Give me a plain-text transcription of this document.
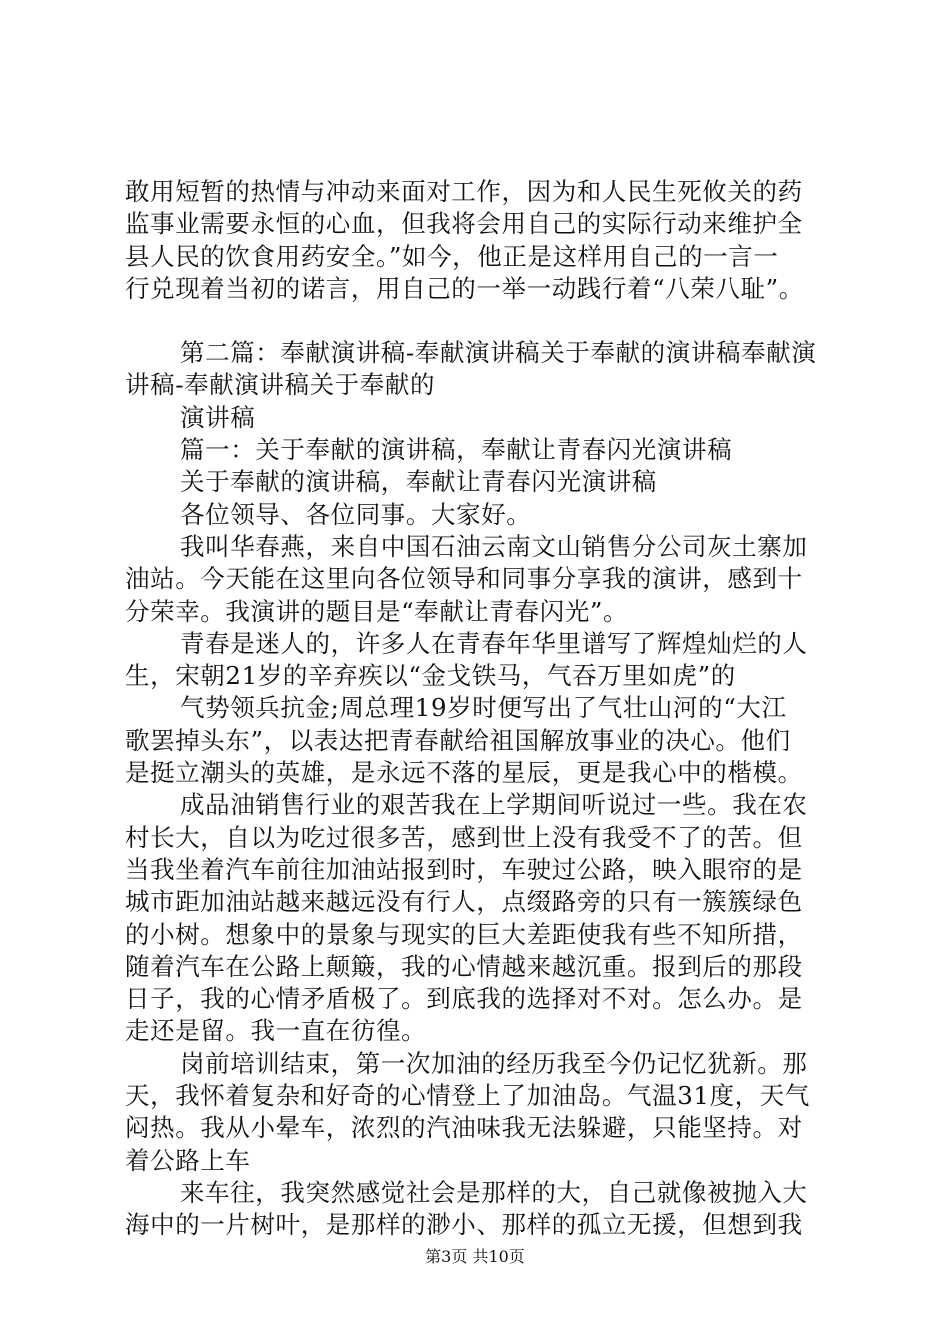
敢用短暂的热情与冲动来面对工作，因为和人民生死攸关的药
监事业需要永恒的心血，但我将会用自己的实际行动来维护全
县人民的饮食用药安全。”如今，他正是这样用自己的一言一
行兑现着当初的诺言，用自己的一举一动践行着“八荣八耻”。
第二篇：奉献演讲稿-奉献演讲稿关于奉献的演讲稿奉献演
讲稿-奉献演讲稿关于奉献的
演讲稿
篇一：关于奉献的演讲稿，奉献让青春闪光演讲稿
关于奉献的演讲稿，奉献让青春闪光演讲稿
各位领导、各位同事。大家好。
我叫华春燕，来自中国石油云南文山销售分公司灰土寨加
油站。今天能在这里向各位领导和同事分享我的演讲，感到十
分荣幸。我演讲的题目是“奉献让青春闪光”。
青春是迷人的，许多人在青春年华里谱写了辉煌灿烂的人
生，宋朝21岁的辛弃疾以“金戈铁马，气吞万里如虎”的
气势领兵抗金;周总理19岁时便写出了气壮山河的“大江
歌罢掉头东”，以表达把青春献给祖国解放事业的决心。他们
是挺立潮头的英雄，是永远不落的星辰，更是我心中的楷模。
成品油销售行业的艰苦我在上学期间听说过一些。我在农
村长大，自以为吃过很多苦，感到世上没有我受不了的苦。但
当我坐着汽车前往加油站报到时，车驶过公路，映入眼帘的是
城市距加油站越来越远没有行人，点缀路旁的只有一簇簇绿色
的小树。想象中的景象与现实的巨大差距使我有些不知所措，
随着汽车在公路上颠簸，我的心情越来越沉重。报到后的那段
日子，我的心情矛盾极了。到底我的选择对不对。怎么办。是
走还是留。我一直在彷徨。
岗前培训结束，第一次加油的经历我至今仍记忆犹新。那
天，我怀着复杂和好奇的心情登上了加油岛。气温31度，天气
闷热。我从小晕车，浓烈的汽油味我无法躲避，只能坚持。对
着公路上车
来车往，我突然感觉社会是那样的大，自己就像被抛入大
海中的一片树叶，是那样的渺小、那样的孤立无援，但想到我
第3页 共10页
